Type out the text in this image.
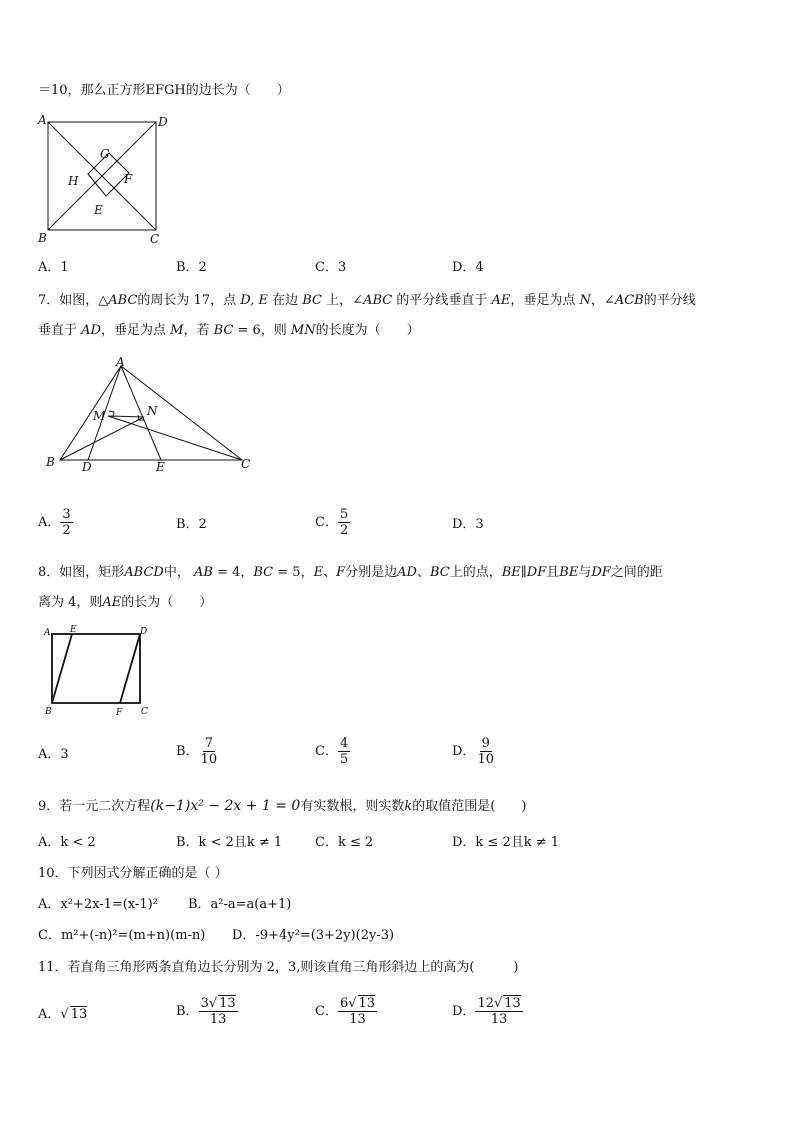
＝10，那么正方形EFGH的边长为（　　）
A	D
B	C
G
H	F
E
A．1	B．2	C．3	D．4
7．如图，△ABC的周长为 17，点 D, E 在边 BC 上，∠ABC 的平分线垂直于 AE，垂足为点 N，∠ACB的平分线
垂直于 AD，垂足为点 M，若 BC = 6，则 MN的长度为（　　）
A
M	N
B D	E	C
A． $\frac{3}{2}$	B．2	C． $\frac{5}{2}$	D．3
8．如图，矩形ABCD中， AB = 4，BC = 5，E、F分别是边AD、BC上的点，BE∥DF且BE与DF之间的距
离为 4，则AE的长为（　　）
A E	D
B	F C
A．3	B． $\frac{7}{10}$	C． $\frac{4}{5}$	D． $\frac{9}{10}$
9．若一元二次方程(k−1)x² − 2x + 1 = 0有实数根，则实数k的取值范围是(　　)
A．k < 2	B．k < 2且k ≠ 1	C．k ≤ 2	D．k ≤ 2且k ≠ 1
10．下列因式分解正确的是（ ）
A．x²+2x-1=(x-1)² B．a²-a=a(a+1)
C．m²+(-n)²=(m+n)(m-n) D．-9+4y²=(3+2y)(2y-3)
11．若直角三角形两条直角边长分别为 2，3,则该直角三角形斜边上的高为(　　　)
A．√ 13	B． $\frac{3√ 13}{13}$	C． $\frac{6√ 13}{13}$	D． $\frac{12√ 13}{13}$
